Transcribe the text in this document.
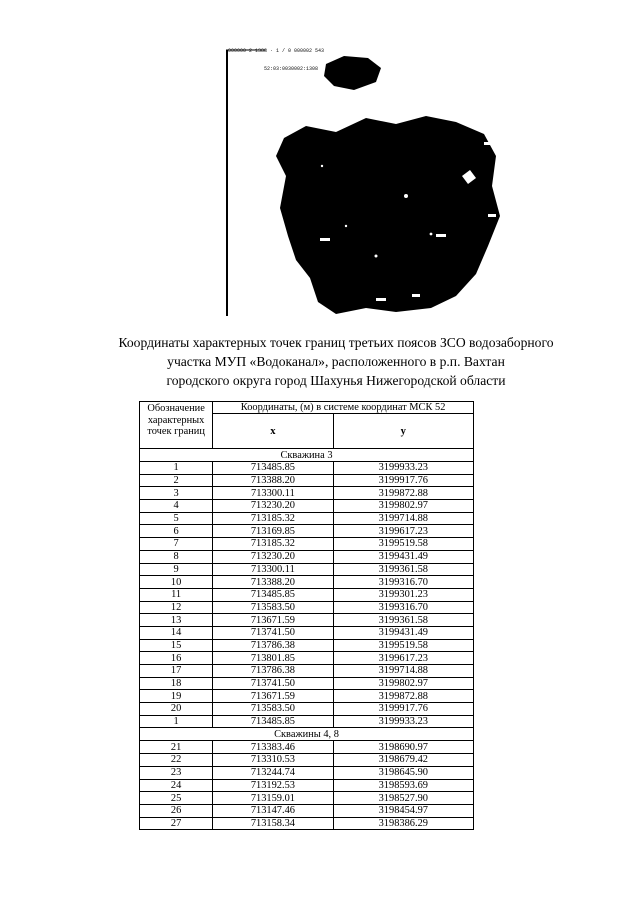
000000 2 1388 · 1 / 0 000002 543
52:03:0030002:1308
Координаты характерных точек границ третьих поясов ЗСО водозаборного
участка МУП «Водоканал», расположенного в р.п. Вахтан
городского округа город Шахунья Нижегородской области
Обозначение характерных точек границ	Координаты, (м) в системе координат МСК 52	
	x	y
Скважина 3		
1	713485.85	3199933.23
2	713388.20	3199917.76
3	713300.11	3199872.88
4	713230.20	3199802.97
5	713185.32	3199714.88
6	713169.85	3199617.23
7	713185.32	3199519.58
8	713230.20	3199431.49
9	713300.11	3199361.58
10	713388.20	3199316.70
11	713485.85	3199301.23
12	713583.50	3199316.70
13	713671.59	3199361.58
14	713741.50	3199431.49
15	713786.38	3199519.58
16	713801.85	3199617.23
17	713786.38	3199714.88
18	713741.50	3199802.97
19	713671.59	3199872.88
20	713583.50	3199917.76
1	713485.85	3199933.23
Скважины 4, 8		
21	713383.46	3198690.97
22	713310.53	3198679.42
23	713244.74	3198645.90
24	713192.53	3198593.69
25	713159.01	3198527.90
26	713147.46	3198454.97
27	713158.34	3198386.29
